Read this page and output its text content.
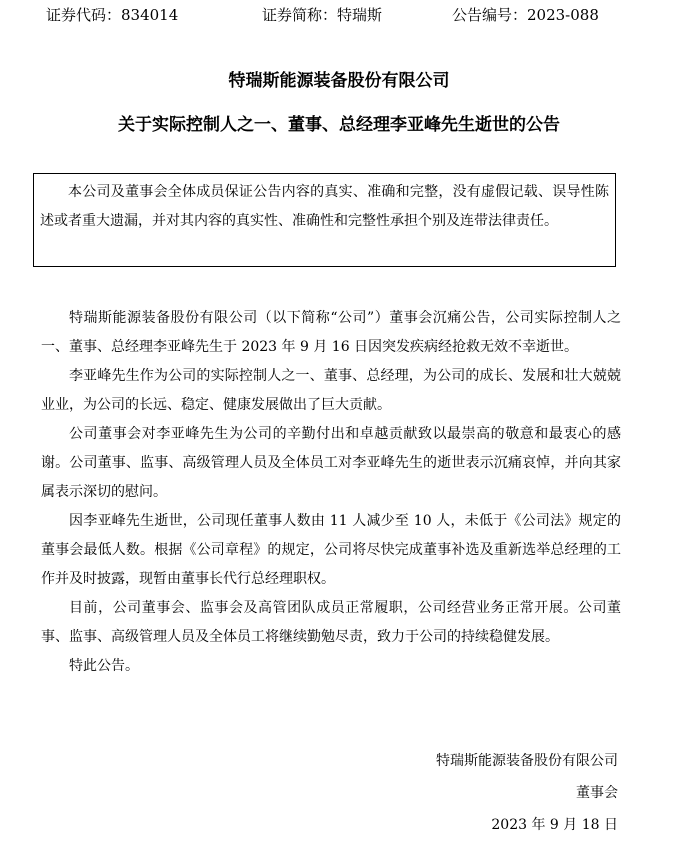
证券代码：834014	证券简称：特瑞斯	公告编号：2023-088
特瑞斯能源装备股份有限公司
关于实际控制人之一、董事、总经理李亚峰先生逝世的公告

本公司及董事会全体成员保证公告内容的真实、准确和完整，没有虚假记载、误导性陈述或者重大遗漏，并对其内容的真实性、准确性和完整性承担个别及连带法律责任。

特瑞斯能源装备股份有限公司（以下简称“公司”）董事会沉痛公告，公司实际控制人之一、董事、总经理李亚峰先生于 2023 年 9 月 16 日因突发疾病经抢救无效不幸逝世。

李亚峰先生作为公司的实际控制人之一、董事、总经理，为公司的成长、发展和壮大兢兢业业，为公司的长远、稳定、健康发展做出了巨大贡献。

公司董事会对李亚峰先生为公司的辛勤付出和卓越贡献致以最崇高的敬意和最衷心的感谢。公司董事、监事、高级管理人员及全体员工对李亚峰先生的逝世表示沉痛哀悼，并向其家属表示深切的慰问。

因李亚峰先生逝世，公司现任董事人数由 11 人减少至 10 人，未低于《公司法》规定的董事会最低人数。根据《公司章程》的规定，公司将尽快完成董事补选及重新选举总经理的工作并及时披露，现暂由董事长代行总经理职权。

目前，公司董事会、监事会及高管团队成员正常履职，公司经营业务正常开展。公司董事、监事、高级管理人员及全体员工将继续勤勉尽责，致力于公司的持续稳健发展。

特此公告。

特瑞斯能源装备股份有限公司
董事会
2023 年 9 月 18 日
